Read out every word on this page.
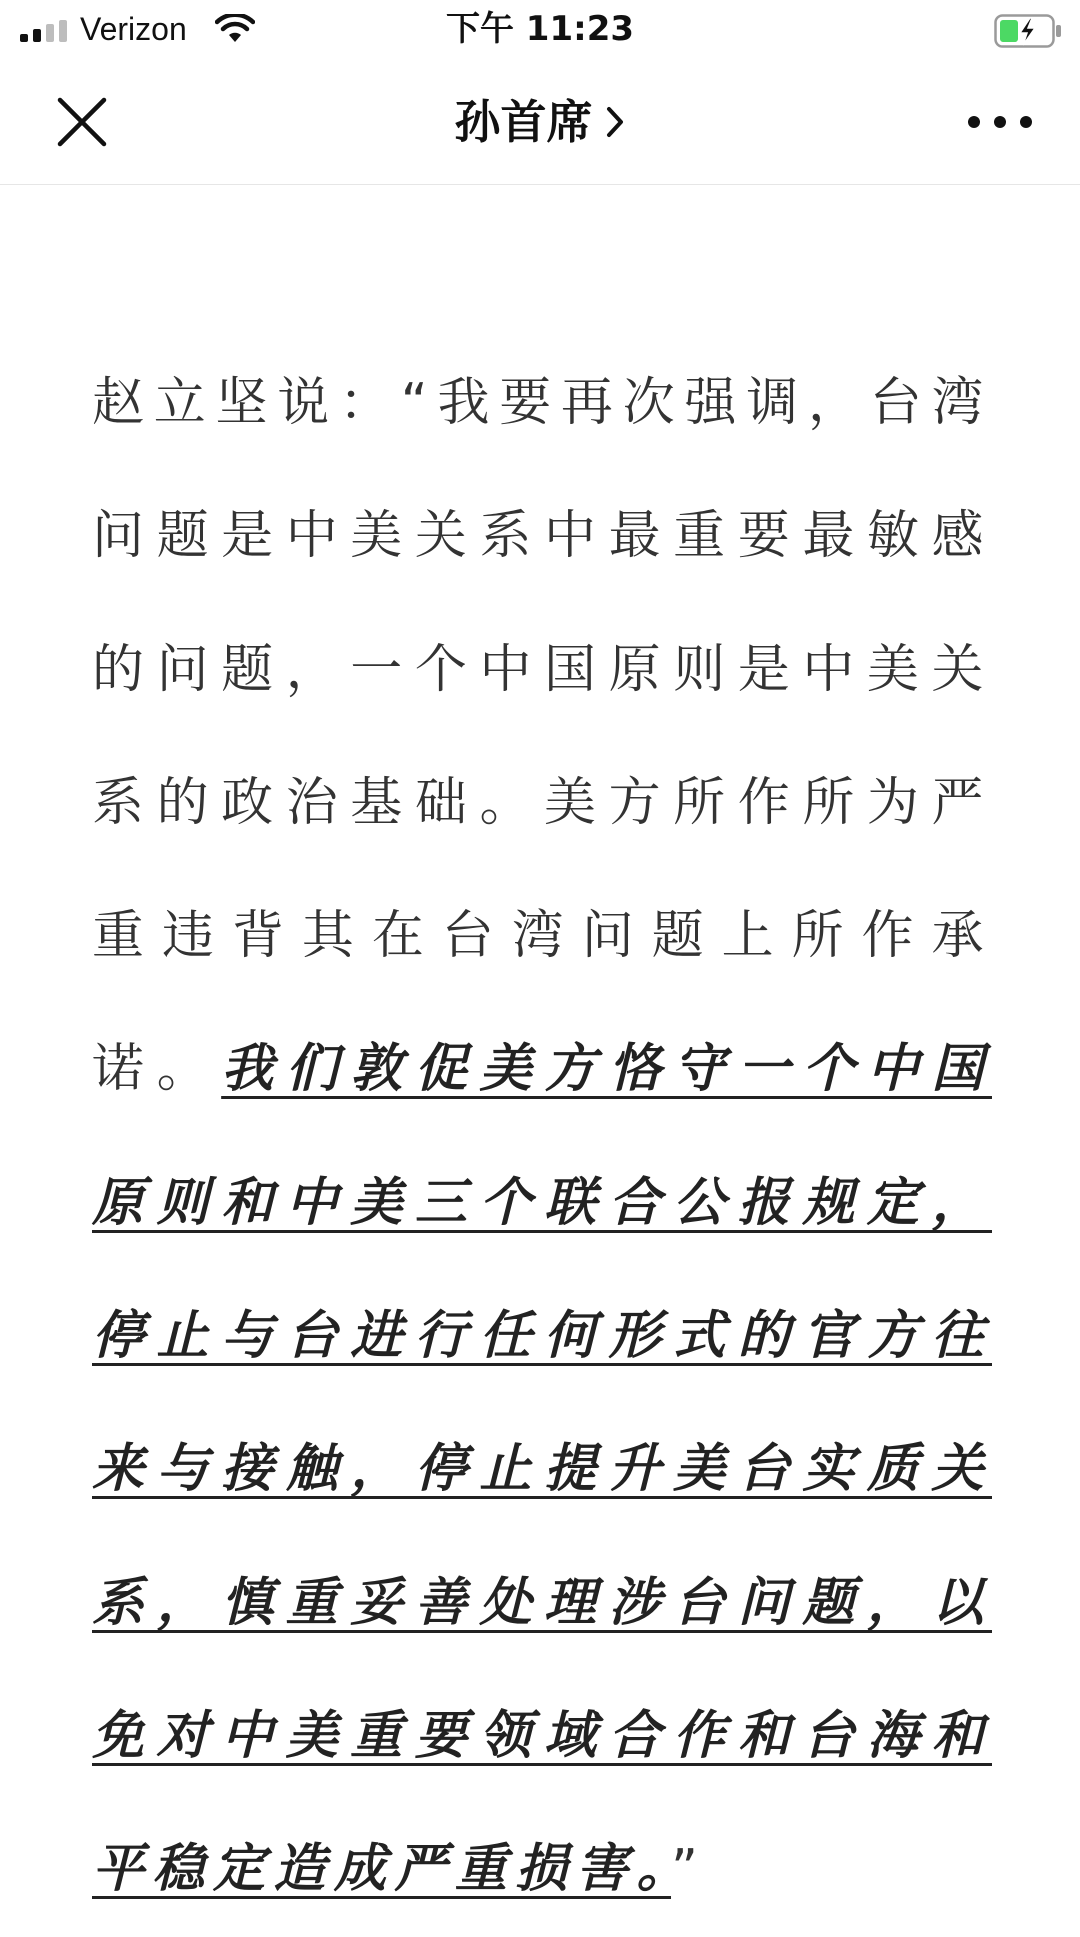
Verizon	下午 11:23
孙首席
赵立坚说：“我要再次强调，台湾问题是中美关系中最重要最敏感的问题，一个中国原则是中美关系的政治基础。美方所作所为严重违背其在台湾问题上所作承诺。我们敦促美方恪守一个中国原则和中美三个联合公报规定，停止与台进行任何形式的官方往来与接触，停止提升美台实质关系，慎重妥善处理涉台问题，以免对中美重要领域合作和台海和平稳定造成严重损害。”
